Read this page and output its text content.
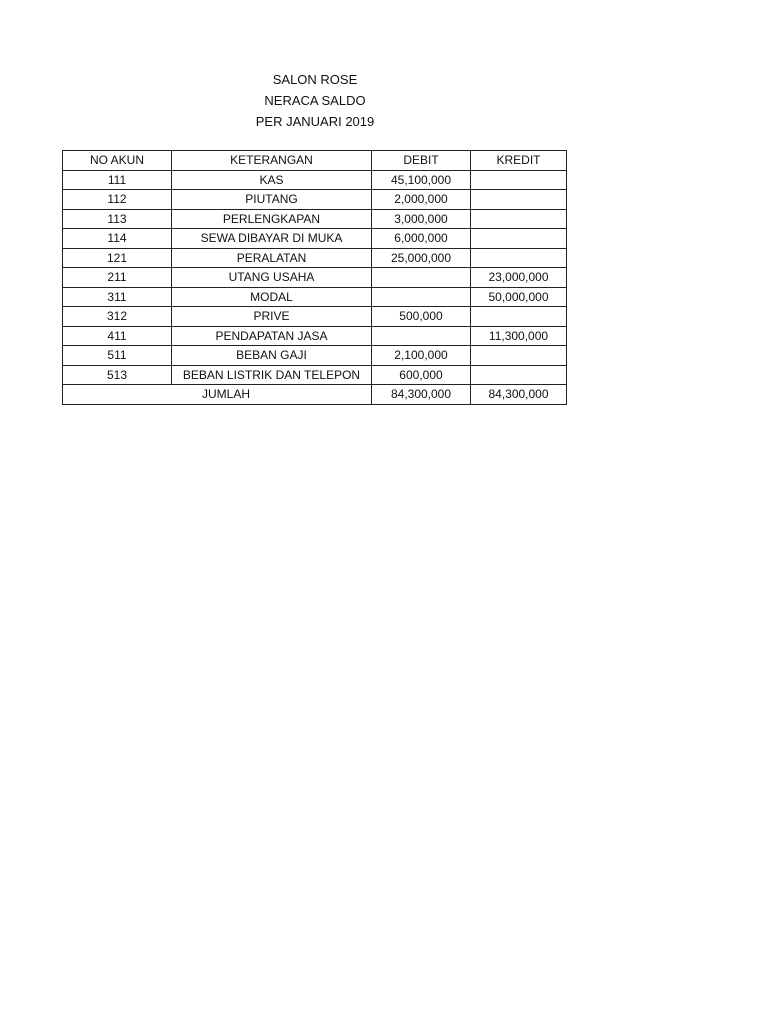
SALON ROSE
NERACA SALDO
PER JANUARI 2019
NO AKUN	KETERANGAN	DEBIT	KREDIT
111	KAS	45,100,000	
112	PIUTANG	2,000,000	
113	PERLENGKAPAN	3,000,000	
114	SEWA DIBAYAR DI MUKA	6,000,000	
121	PERALATAN	25,000,000	
211	UTANG USAHA		23,000,000
311	MODAL		50,000,000
312	PRIVE	500,000	
411	PENDAPATAN JASA		11,300,000
511	BEBAN GAJI	2,100,000	
513	BEBAN LISTRIK DAN TELEPON	600,000	
JUMLAH		84,300,000	84,300,000
